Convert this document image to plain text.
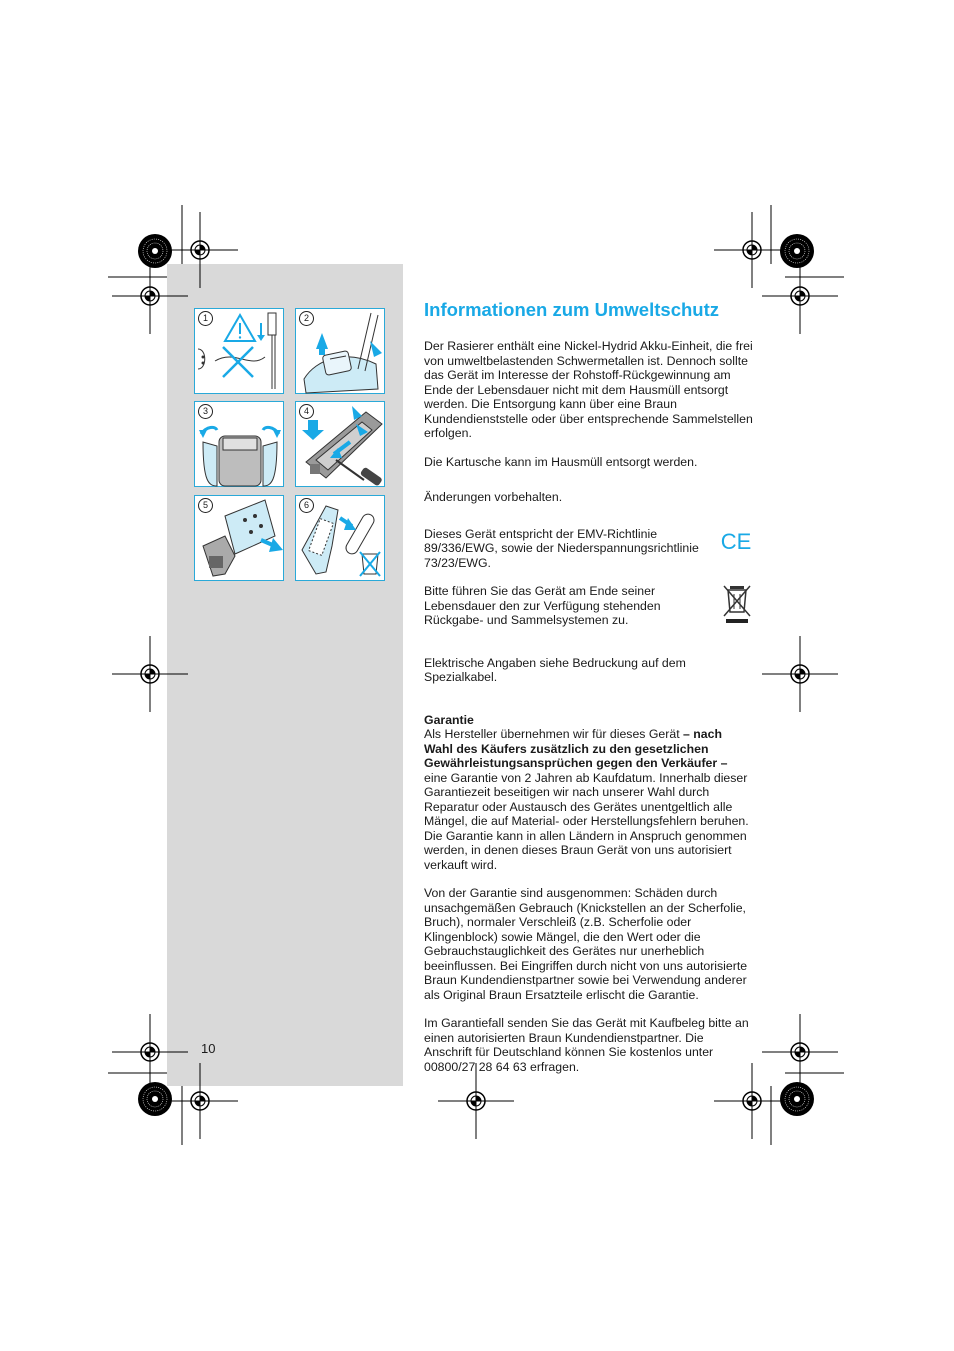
1	2
3	4
5	6
10
Informationen zum Umweltschutz

Der Rasierer enthält eine Nickel-Hydrid Akku-Einheit, die frei von umweltbelastenden Schwermetallen ist. Dennoch sollte das Gerät im Interesse der Rohstoff-Rückgewinnung am Ende der Lebensdauer nicht mit dem Hausmüll entsorgt werden. Die Entsorgung kann über eine Braun Kundendienststelle oder über entsprechende Sammelstellen erfolgen.

Die Kartusche kann im Hausmüll entsorgt werden.

Änderungen vorbehalten.

Dieses Gerät entspricht der EMV-Richtlinie 89/336/EWG, sowie der Niederspannungsrichtlinie 73/23/EWG.

CE

Bitte führen Sie das Gerät am Ende seiner Lebensdauer den zur Verfügung stehenden Rückgabe- und Sammelsystemen zu.

Elektrische Angaben siehe Bedruckung auf dem Spezialkabel.

Garantie

Als Hersteller übernehmen wir für dieses Gerät – nach Wahl des Käufers zusätzlich zu den gesetzlichen Gewährleistungsansprüchen gegen den Verkäufer – eine Garantie von 2 Jahren ab Kaufdatum. Innerhalb dieser Garantiezeit beseitigen wir nach unserer Wahl durch Reparatur oder Austausch des Gerätes unentgeltlich alle Mängel, die auf Material- oder Herstellungsfehlern beruhen. Die Garantie kann in allen Ländern in Anspruch genommen werden, in denen dieses Braun Gerät von uns autorisiert verkauft wird.

Von der Garantie sind ausgenommen: Schäden durch unsachgemäßen Gebrauch (Knickstellen an der Scherfolie, Bruch), normaler Verschleiß (z.B. Scherfolie oder Klingenblock) sowie Mängel, die den Wert oder die Gebrauchstauglichkeit des Gerätes nur unerheblich beeinflussen. Bei Eingriffen durch nicht von uns autorisierte Braun Kundendienstpartner sowie bei Verwendung anderer als Original Braun Ersatzteile erlischt die Garantie.

Im Garantiefall senden Sie das Gerät mit Kaufbeleg bitte an einen autorisierten Braun Kundendienstpartner. Die Anschrift für Deutschland können Sie kostenlos unter 00800/27 28 64 63 erfragen.
